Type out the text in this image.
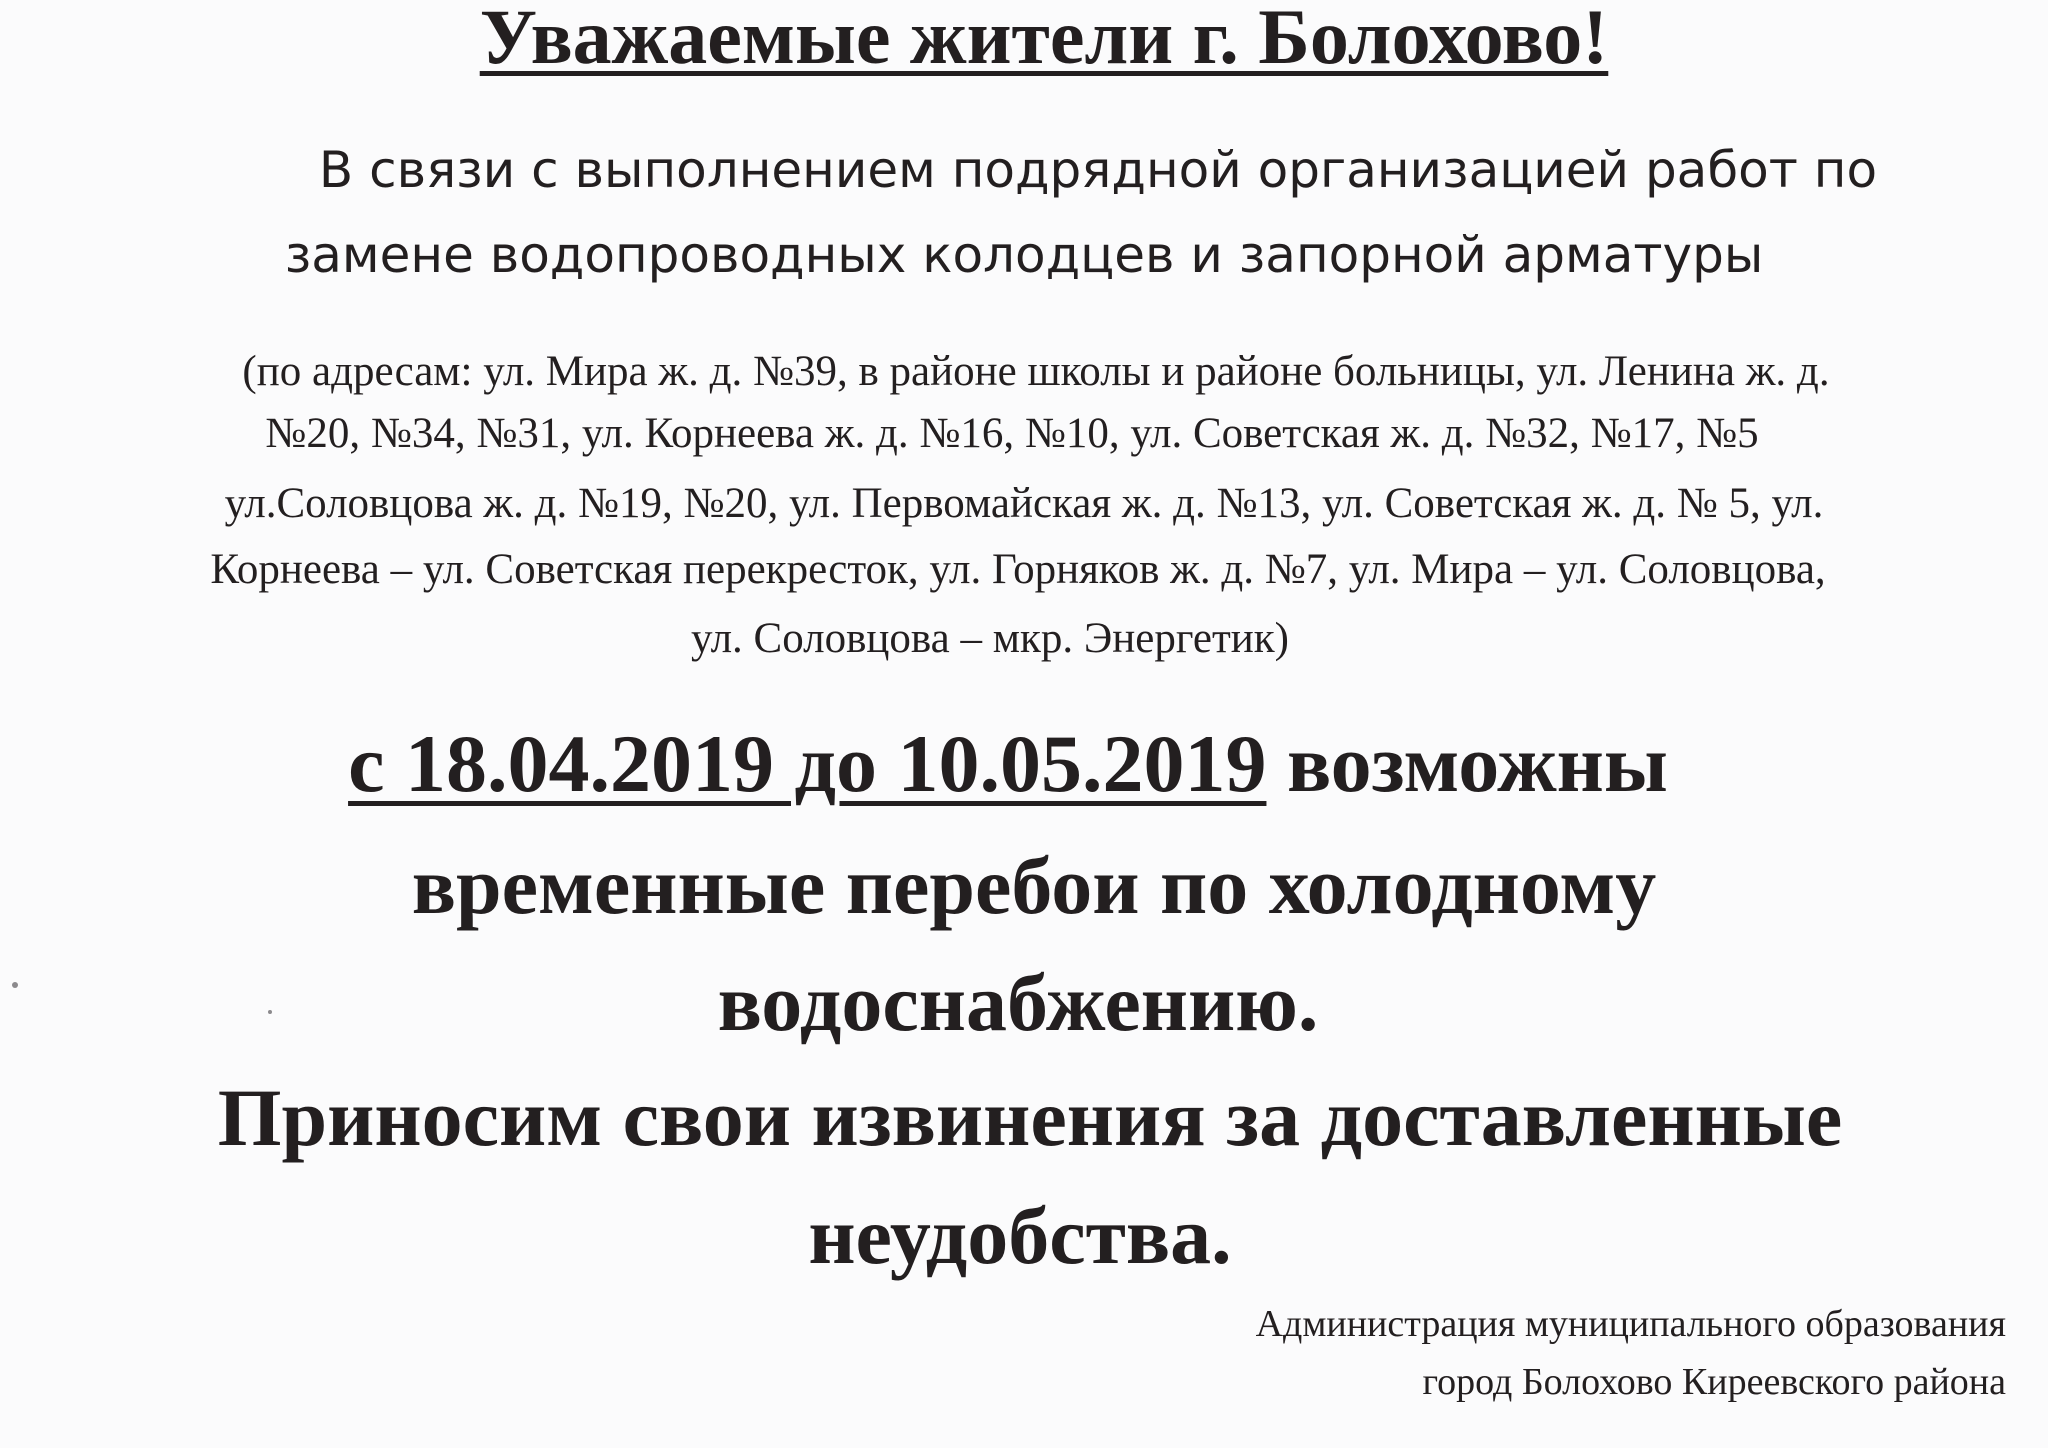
Уважаемые жители г. Болохово!

В связи с выполнением подрядной организацией работ по

замене водопроводных колодцев и запорной арматуры

(по адресам: ул. Мира ж. д. №39, в районе школы и районе больницы, ул. Ленина ж. д.

№20, №34, №31, ул. Корнеева ж. д. №16, №10, ул. Советская ж. д. №32, №17, №5

ул.Соловцова ж. д. №19, №20, ул. Первомайская ж. д. №13, ул. Советская ж. д. № 5, ул.

Корнеева – ул. Советская перекресток, ул. Горняков ж. д. №7, ул. Мира – ул. Соловцова,

ул. Соловцова – мкр. Энергетик)

с 18.04.2019 до 10.05.2019 возможны

временные перебои по холодному

водоснабжению.

Приносим свои извинения за доставленные

неудобства.

Администрация муниципального образования

город Болохово Киреевского района
